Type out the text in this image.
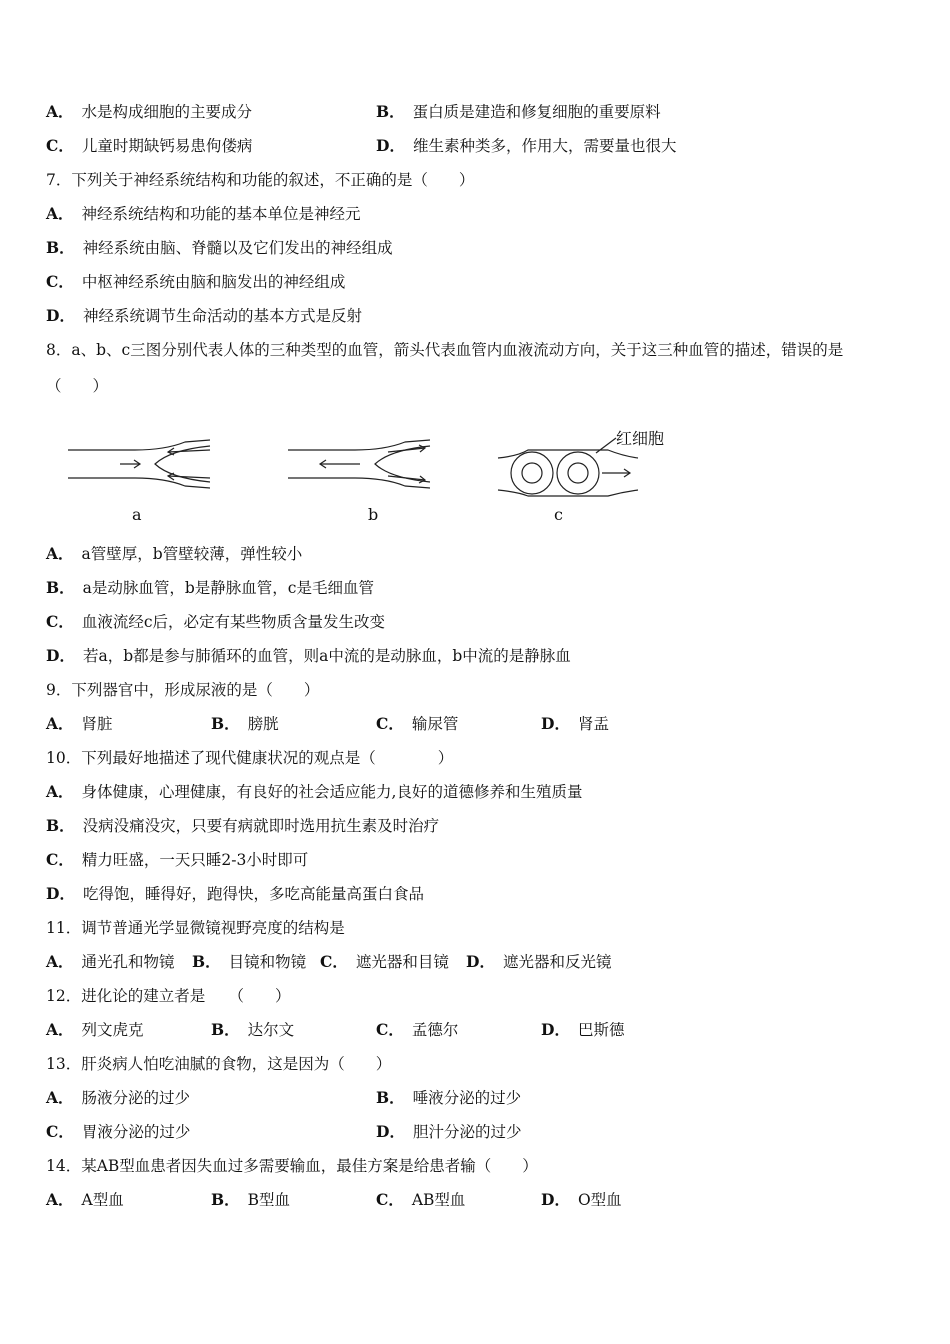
A． 水是构成细胞的主要成分	B． 蛋白质是建造和修复细胞的重要原料
C． 儿童时期缺钙易患佝偻病	D． 维生素种类多，作用大，需要量也很大
7．下列关于神经系统结构和功能的叙述，不正确的是（　　）
A． 神经系统结构和功能的基本单位是神经元
B． 神经系统由脑、脊髓以及它们发出的神经组成
C． 中枢神经系统由脑和脑发出的神经组成
D． 神经系统调节生命活动的基本方式是反射
8．a、b、c三图分别代表人体的三种类型的血管，箭头代表血管内血液流动方向，关于这三种血管的描述，错误的是
（　　）
红细胞
a	b	c
A． a管壁厚，b管壁较薄，弹性较小
B． a是动脉血管，b是静脉血管，c是毛细血管
C． 血液流经c后，必定有某些物质含量发生改变
D． 若a，b都是参与肺循环的血管，则a中流的是动脉血，b中流的是静脉血
9．下列器官中，形成尿液的是（　　）
A． 肾脏	B． 膀胱	C． 输尿管	D． 肾盂
10．下列最好地描述了现代健康状况的观点是（　　　　）
A． 身体健康，心理健康，有良好的社会适应能力,良好的道德修养和生殖质量
B． 没病没痛没灾，只要有病就即时选用抗生素及时治疗
C． 精力旺盛，一天只睡2-3小时即可
D． 吃得饱，睡得好，跑得快，多吃高能量高蛋白食品
11．调节普通光学显微镜视野亮度的结构是
A． 通光孔和物镜 B． 目镜和物镜 C． 遮光器和目镜 D． 遮光器和反光镜
12．进化论的建立者是　　（　　）
A． 列文虎克	B． 达尔文	C． 孟德尔	D． 巴斯德
13．肝炎病人怕吃油腻的食物，这是因为（　　）
A． 肠液分泌的过少	B． 唾液分泌的过少
C． 胃液分泌的过少	D． 胆汁分泌的过少
14．某AB型血患者因失血过多需要输血，最佳方案是给患者输（　　）
A． A型血	B． B型血	C． AB型血	D． O型血
